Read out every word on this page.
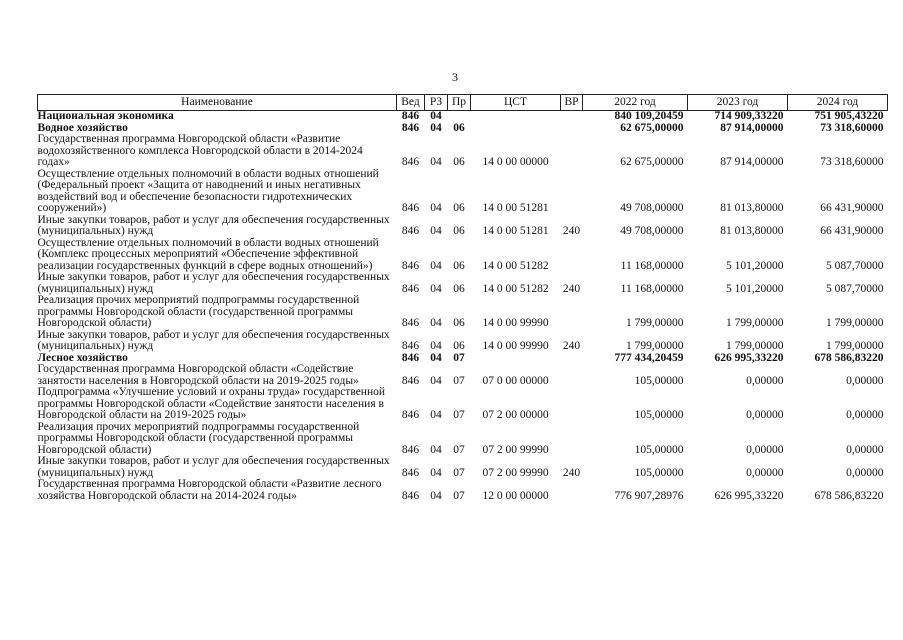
3
Наименование	Вед	РЗ	Пр	ЦСТ	ВР	2022 год	2023 год	2024 год
Национальная экономика	846	04				840 109,20459	714 909,33220	751 905,43220
Водное хозяйство	846	04	06			62 675,00000	87 914,00000	73 318,60000
Государственная программа Новгородской области «Развитие водохозяйственного комплекса Новгородской области в 2014-2024 годах»	846	04	06	14 0 00 00000		62 675,00000	87 914,00000	73 318,60000
Осуществление отдельных полномочий в области водных отношений (Федеральный проект «Защита от наводнений и иных негативных воздействий вод и обеспечение безопасности гидротехнических сооружений»)	846	04	06	14 0 00 51281		49 708,00000	81 013,80000	66 431,90000
Иные закупки товаров, работ и услуг для обеспечения государственных (муниципальных) нужд	846	04	06	14 0 00 51281	240	49 708,00000	81 013,80000	66 431,90000
Осуществление отдельных полномочий в области водных отношений (Комплекс процессных мероприятий «Обеспечение эффективной реализации государственных функций в сфере водных отношений»)	846	04	06	14 0 00 51282		11 168,00000	5 101,20000	5 087,70000
Иные закупки товаров, работ и услуг для обеспечения государственных (муниципальных) нужд	846	04	06	14 0 00 51282	240	11 168,00000	5 101,20000	5 087,70000
Реализация прочих мероприятий подпрограммы государственной программы Новгородской области (государственной программы Новгородской области)	846	04	06	14 0 00 99990		1 799,00000	1 799,00000	1 799,00000
Иные закупки товаров, работ и услуг для обеспечения государственных (муниципальных) нужд	846	04	06	14 0 00 99990	240	1 799,00000	1 799,00000	1 799,00000
Лесное хозяйство	846	04	07			777 434,20459	626 995,33220	678 586,83220
Государственная программа Новгородской области «Содействие занятости населения в Новгородской области на 2019-2025 годы»	846	04	07	07 0 00 00000		105,00000	0,00000	0,00000
Подпрограмма «Улучшение условий и охраны труда» государственной программы Новгородской области «Содействие занятости населения в Новгородской области на 2019-2025 годы»	846	04	07	07 2 00 00000		105,00000	0,00000	0,00000
Реализация прочих мероприятий подпрограммы государственной программы Новгородской области (государственной программы Новгородской области)	846	04	07	07 2 00 99990		105,00000	0,00000	0,00000
Иные закупки товаров, работ и услуг для обеспечения государственных (муниципальных) нужд	846	04	07	07 2 00 99990	240	105,00000	0,00000	0,00000
Государственная программа Новгородской области «Развитие лесного хозяйства Новгородской области на 2014-2024 годы»	846	04	07	12 0 00 00000		776 907,28976	626 995,33220	678 586,83220
